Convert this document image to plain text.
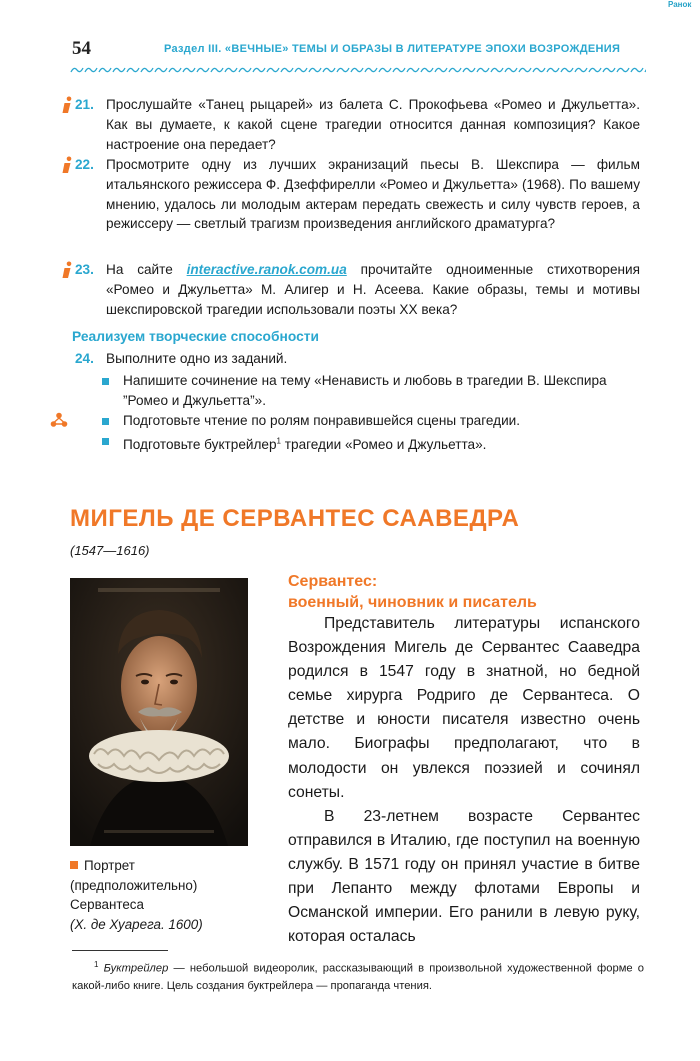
Ранок
54	Раздел III. «ВЕЧНЫЕ» ТЕМЫ И ОБРАЗЫ В ЛИТЕРАТУРЕ ЭПОХИ ВОЗРОЖДЕНИЯ
21. Прослушайте «Танец рыцарей» из балета С. Прокофьева «Ромео и Джульетта». Как вы думаете, к какой сцене трагедии относится данная композиция? Какое настроение она передает?
22. Просмотрите одну из лучших экранизаций пьесы В. Шекспира — фильм итальянского режиссера Ф. Дзеффирелли «Ромео и Джульетта» (1968). По вашему мнению, удалось ли молодым актерам передать свежесть и силу чувств героев, а режиссеру — светлый трагизм произведения английского драматурга?
23. На сайте interactive.ranok.com.ua прочитайте одноименные стихотворения «Ромео и Джульетта» М. Алигер и Н. Асеева. Какие образы, темы и мотивы шекспировской трагедии использовали поэты XX века?
Реализуем творческие способности
24. Выполните одно из заданий.
Напишите сочинение на тему «Ненависть и любовь в трагедии В. Шекспира ”Ромео и Джульетта”».
Подготовьте чтение по ролям понравившейся сцены трагедии.
Подготовьте буктрейлер$^1$ трагедии «Ромео и Джульетта».
МИГЕЛЬ ДЕ СЕРВАНТЕС СААВЕДРА
(1547—1616)
Портрет (предположительно) Сервантеса
(Х. де Хуарега. 1600)
Сервантес:
военный, чиновник и писатель

Представитель литературы испанского Возрождения Мигель де Сервантес Сааведра родился в 1547 году в знатной, но бедной семье хирурга Родриго де Сервантеса. О детстве и юности писателя известно очень мало. Биографы предполагают, что в молодости он увлекся поэзией и сочинял сонеты.

В 23-летнем возрасте Сервантес отправился в Италию, где поступил на военную службу. В 1571 году он принял участие в битве при Лепанто между флотами Европы и Османской империи. Его ранили в левую руку, которая осталась

$^1$ Буктрейлер — небольшой видеоролик, рассказывающий в произвольной художественной форме о какой-либо книге. Цель создания буктрейлера — пропаганда чтения.
